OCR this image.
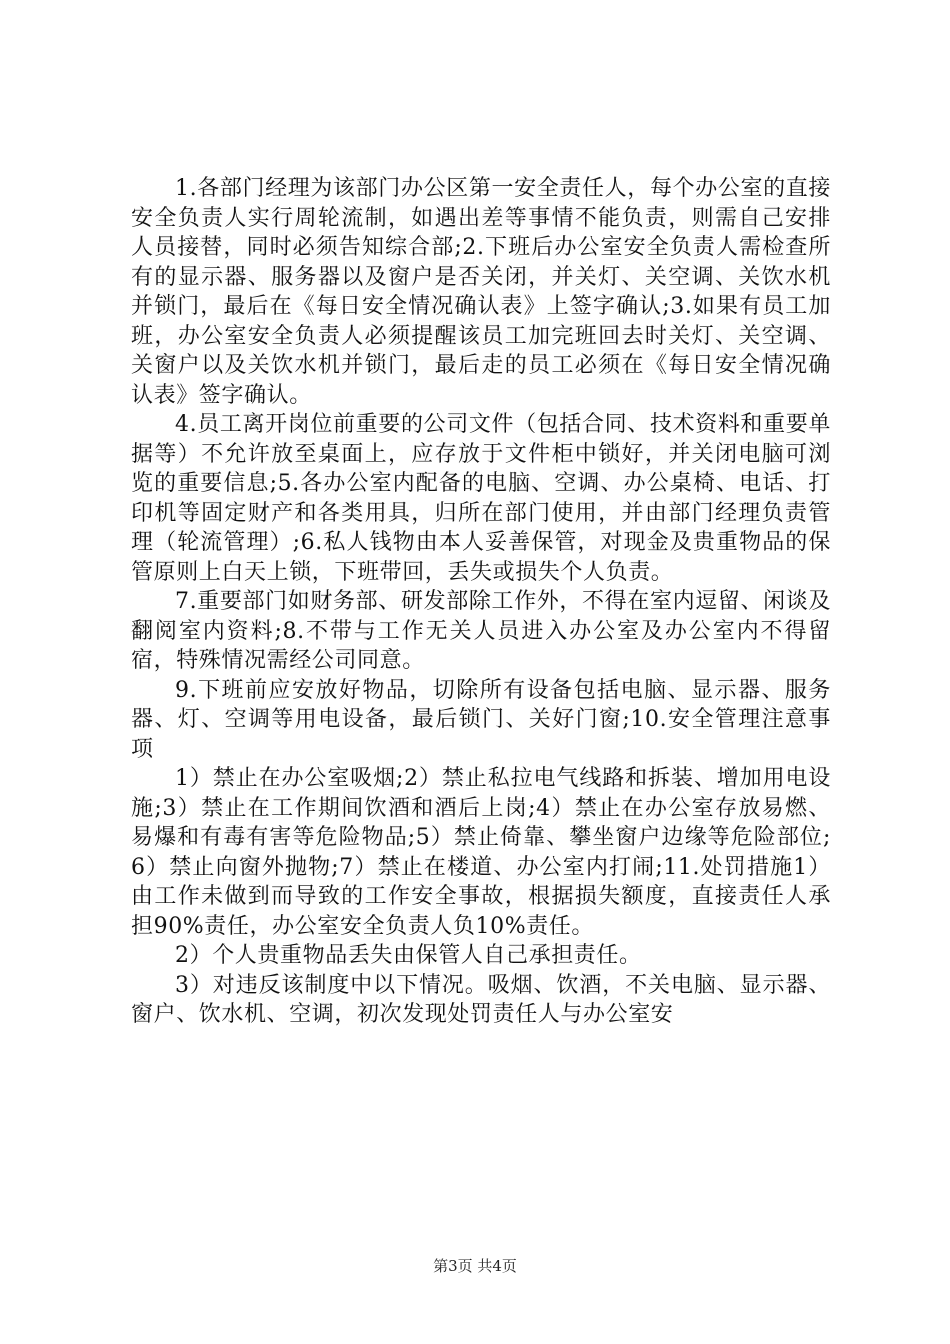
1.各部门经理为该部门办公区第一安全责任人，每个办公室的直接安全负责人实行周轮流制，如遇出差等事情不能负责，则需自己安排人员接替，同时必须告知综合部;2.下班后办公室安全负责人需检查所有的显示器、服务器以及窗户是否关闭，并关灯、关空调、关饮水机并锁门，最后在《每日安全情况确认表》上签字确认;3.如果有员工加班，办公室安全负责人必须提醒该员工加完班回去时关灯、关空调、关窗户以及关饮水机并锁门，最后走的员工必须在《每日安全情况确认表》签字确认。

4.员工离开岗位前重要的公司文件（包括合同、技术资料和重要单据等）不允许放至桌面上，应存放于文件柜中锁好，并关闭电脑可浏览的重要信息;5.各办公室内配备的电脑、空调、办公桌椅、电话、打印机等固定财产和各类用具，归所在部门使用，并由部门经理负责管理（轮流管理）;6.私人钱物由本人妥善保管，对现金及贵重物品的保管原则上白天上锁，下班带回，丢失或损失个人负责。

7.重要部门如财务部、研发部除工作外，不得在室内逗留、闲谈及翻阅室内资料;8.不带与工作无关人员进入办公室及办公室内不得留宿，特殊情况需经公司同意。

9.下班前应安放好物品，切除所有设备包括电脑、显示器、服务器、灯、空调等用电设备，最后锁门、关好门窗;10.安全管理注意事项

1）禁止在办公室吸烟;2）禁止私拉电气线路和拆装、增加用电设施;3）禁止在工作期间饮酒和酒后上岗;4）禁止在办公室存放易燃、易爆和有毒有害等危险物品;5）禁止倚靠、攀坐窗户边缘等危险部位;6）禁止向窗外抛物;7）禁止在楼道、办公室内打闹;11.处罚措施1）由工作未做到而导致的工作安全事故，根据损失额度，直接责任人承担90%责任，办公室安全负责人负10%责任。

2）个人贵重物品丢失由保管人自己承担责任。

3）对违反该制度中以下情况。吸烟、饮酒，不关电脑、显示器、窗户、饮水机、空调，初次发现处罚责任人与办公室安

第3页 共4页
